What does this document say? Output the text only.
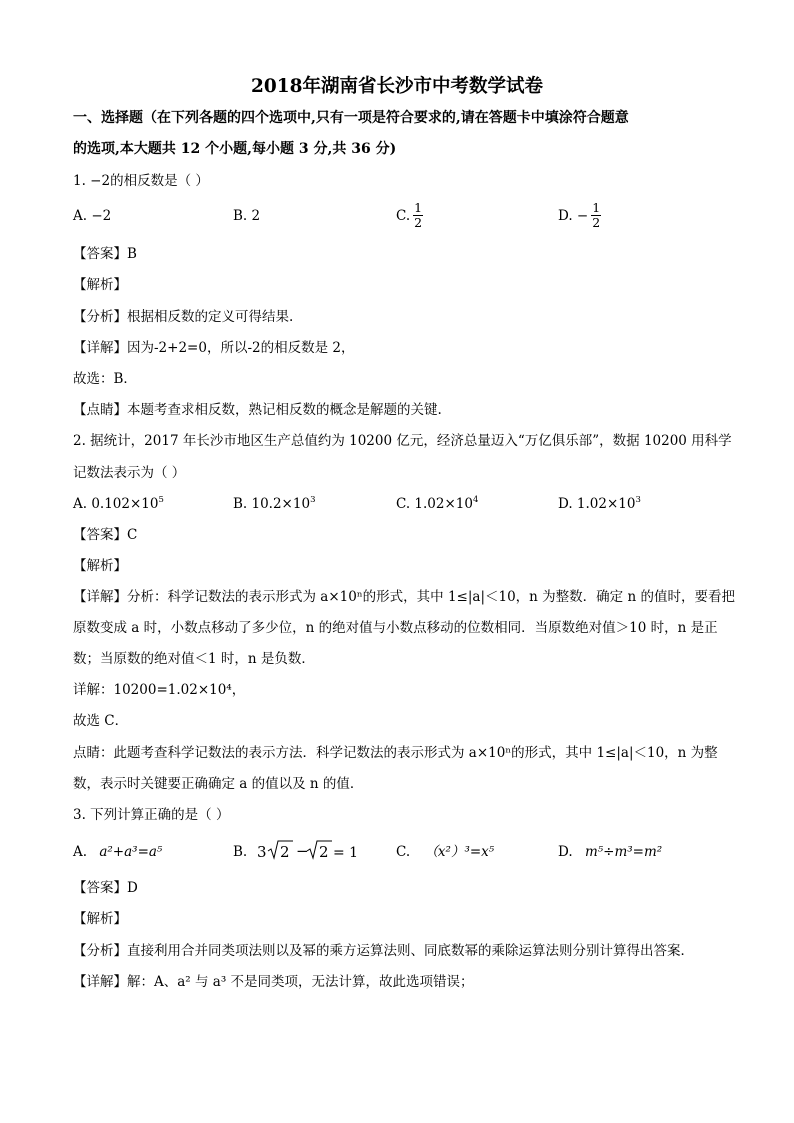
2018年湖南省长沙市中考数学试卷
一、选择题（在下列各题的四个选项中,只有一项是符合要求的,请在答题卡中填涂符合题意
的选项,本大题共 12 个小题,每小题 3 分,共 36 分)
1. −2的相反数是（ ）
A. −2	B. 2	C. $\frac{1}{2}$	D. − $\frac{1}{2}$
【答案】B
【解析】
【分析】根据相反数的定义可得结果.
【详解】因为-2+2=0，所以-2的相反数是 2，
故选：B．
【点睛】本题考查求相反数，熟记相反数的概念是解题的关键.
2. 据统计，2017 年长沙市地区生产总值约为 10200 亿元，经济总量迈入“万亿俱乐部”，数据 10200 用科学
记数法表示为（ ）
A. $0.102\times 10^5$	B. $10.2\times 10^3$	C. $1.02\times 10^4$	D. $1.02\times 10^3$
【答案】C
【解析】
【详解】分析：科学记数法的表示形式为 a×10ⁿ的形式，其中 1≤|a|＜10，n 为整数．确定 n 的值时，要看把
原数变成 a 时，小数点移动了多少位，n 的绝对值与小数点移动的位数相同．当原数绝对值＞10 时，n 是正
数；当原数的绝对值＜1 时，n 是负数．
详解：10200=1.02×10⁴，
故选 C．
点睛：此题考查科学记数法的表示方法．科学记数法的表示形式为 a×10ⁿ的形式，其中 1≤|a|＜10，n 为整
数，表示时关键要正确确定 a 的值以及 n 的值．
3. 下列计算正确的是（ ）
A. a²+a³=a⁵	B. 3 2 − 2 = 1	C. （x²）³=x⁵	D. m⁵÷m³=m²
【答案】D
【解析】
【分析】直接利用合并同类项法则以及幂的乘方运算法则、同底数幂的乘除运算法则分别计算得出答案．
【详解】解：A、a² 与 a³ 不是同类项，无法计算，故此选项错误；
